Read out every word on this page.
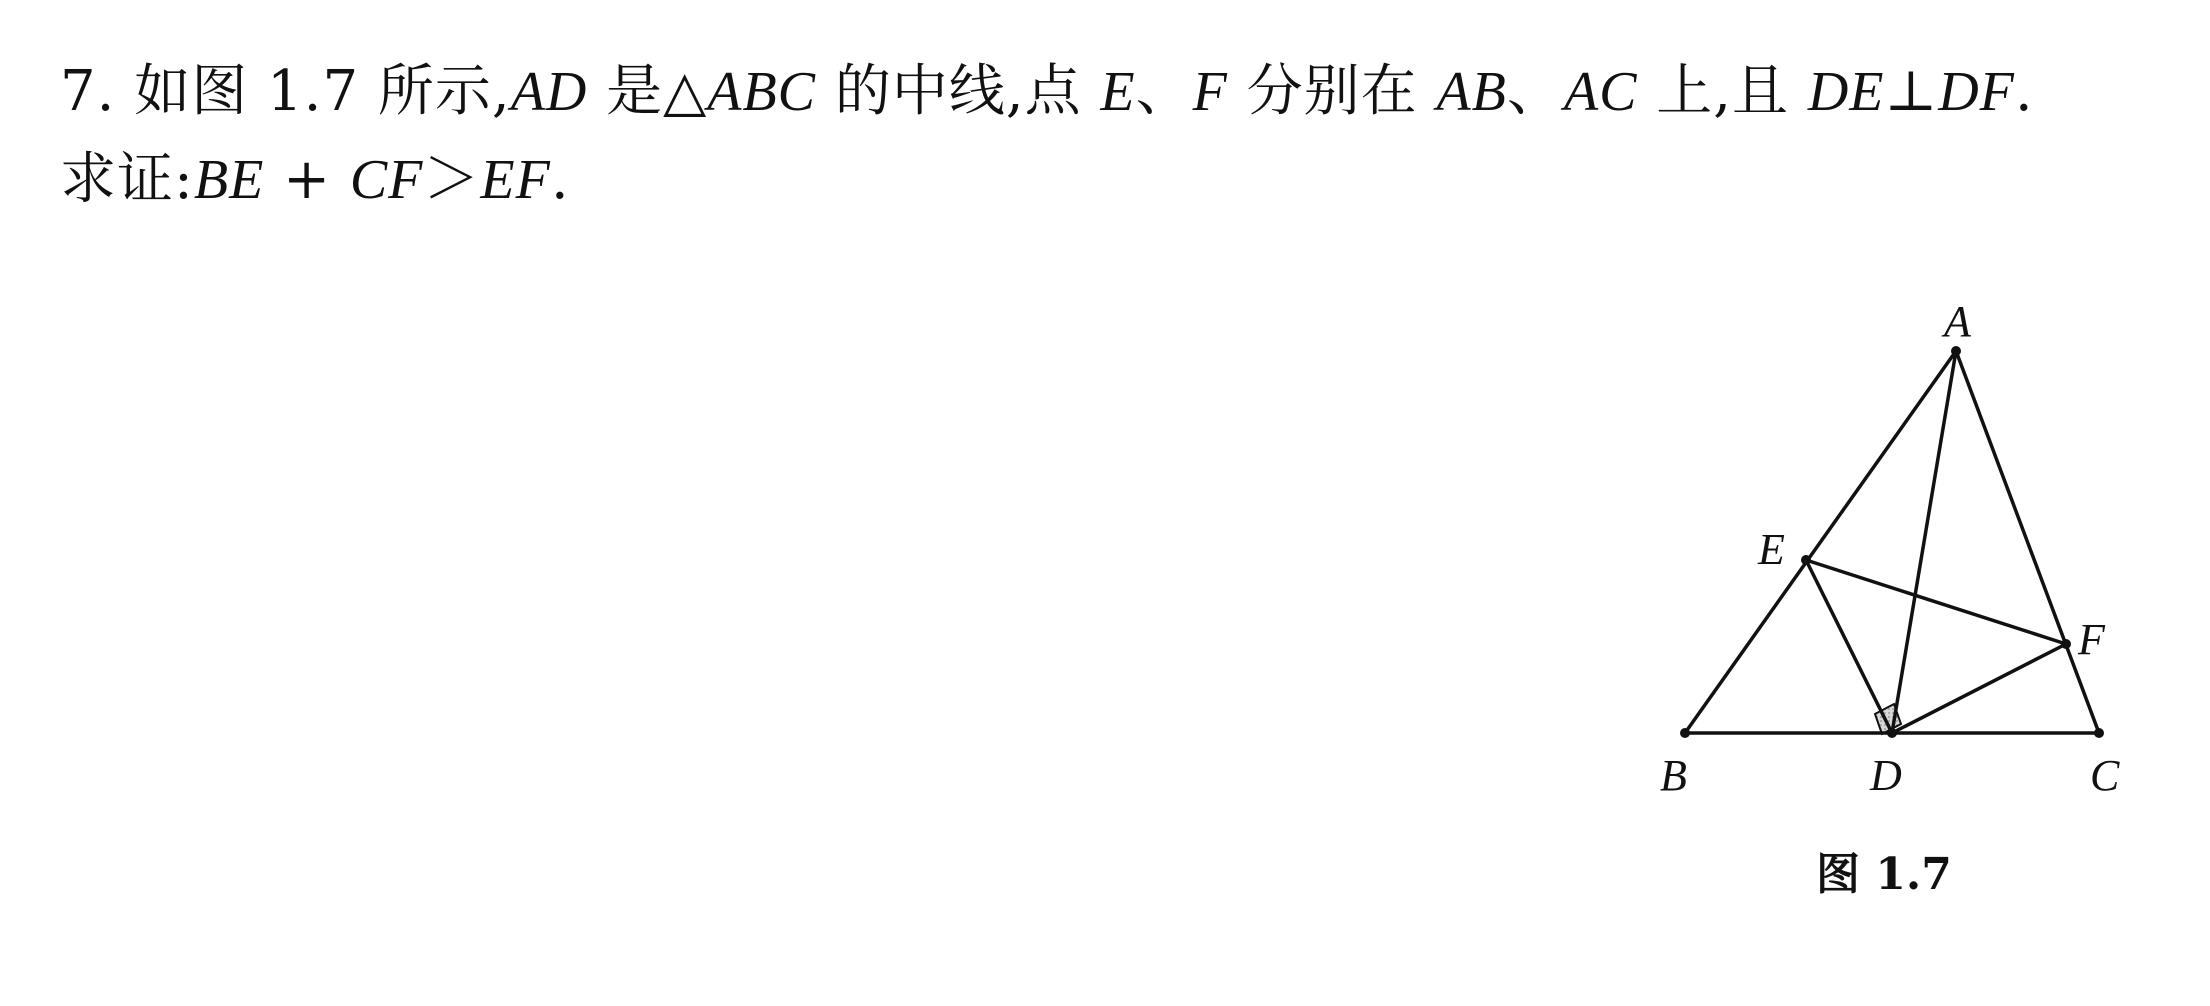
7. 如图 1.7 所示,AD 是△ABC 的中线,点 E、F 分别在 AB、AC 上,且 DE⊥DF.
求证:BE + CF＞EF.
A
B	C
D
E
F
图 1.7
